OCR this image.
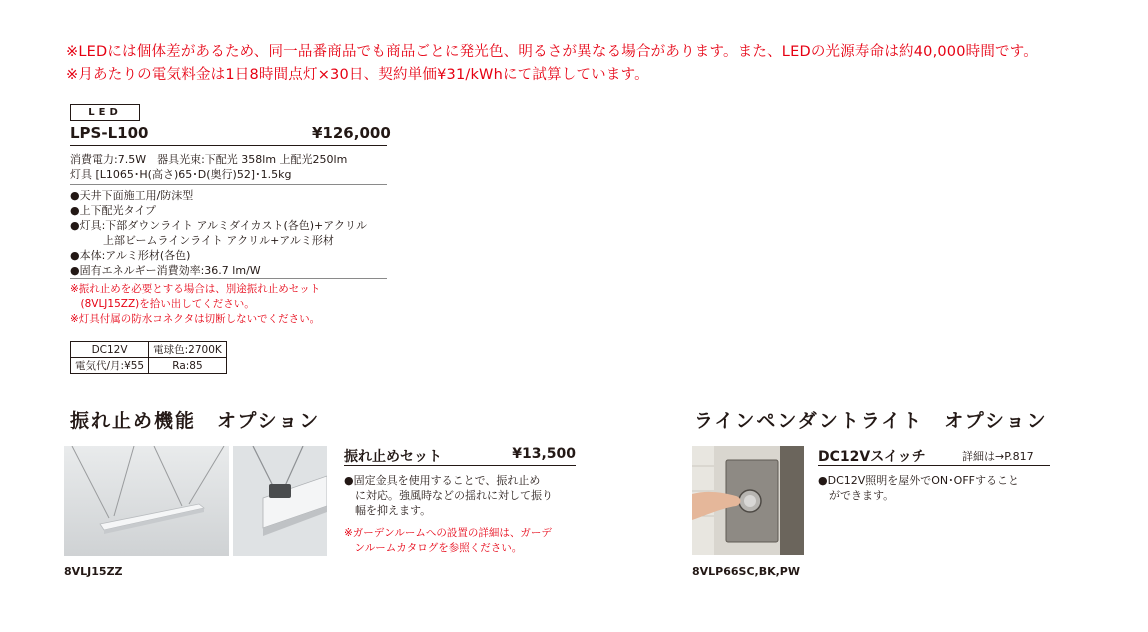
※LEDには個体差があるため、同一品番商品でも商品ごとに発光色、明るさが異なる場合があります。また、LEDの光源寿命は約40,000時間です。
※月あたりの電気料金は1日8時間点灯×30日、契約単価¥31/kWhにて試算しています。
LED
LPS-L100	¥126,000
消費電力:7.5W　器具光束:下配光 358lm 上配光250lm
灯具 [L1065･H(高さ)65･D(奥行)52]･1.5kg
●天井下面施工用/防沫型
●上下配光タイプ
●灯具:下部ダウンライト アルミダイカスト(各色)+アクリル
　　　上部ビームラインライト アクリル+アルミ形材
●本体:アルミ形材(各色)
●固有エネルギー消費効率:36.7 lm/W
※振れ止めを必要とする場合は、別途振れ止めセット
　(8VLJ15ZZ)を拾い出してください。
※灯具付属の防水コネクタは切断しないでください。
DC12V	電球色:2700K
電気代/月:¥55	Ra:85
振れ止め機能　オプション
8VLJ15ZZ
振れ止めセット	¥13,500
●固定金具を使用することで、振れ止め
　に対応。強風時などの揺れに対して振り
　幅を抑えます。
※ガーデンルームへの設置の詳細は、ガーデ
　ンルームカタログを参照ください。
ラインペンダントライト　オプション
8VLP66SC,BK,PW
DC12Vスイッチ	詳細は→P.817
●DC12V照明を屋外でON･OFFすること
　ができます。
